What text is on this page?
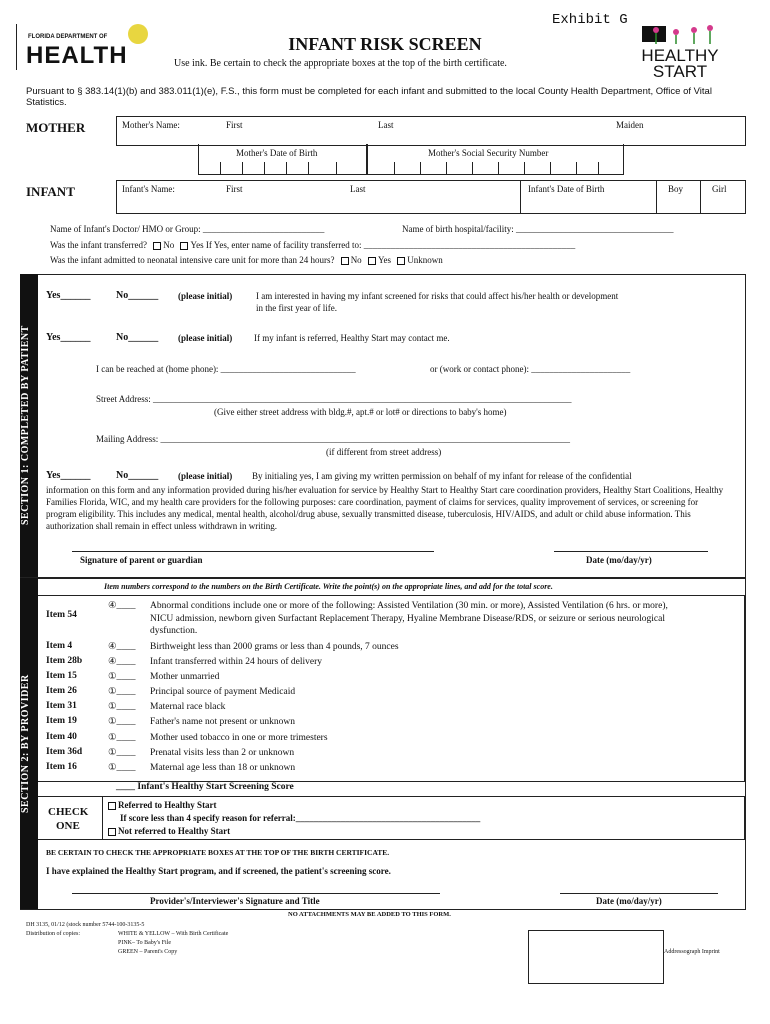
Exhibit G
FLORIDA DEPARTMENT OF
HEALTH	INFANT RISK SCREEN
Use ink. Be certain to check the appropriate boxes at the top of the birth certificate.	HEALTHY
START
Pursuant to § 383.14(1)(b) and 383.011(1)(e), F.S., this form must be completed for each infant and submitted to the local County Health Department, Office of Vital Statistics.
MOTHER	Mother's Name:	First	Last	Maiden
Mother's Date of Birth	Mother's Social Security Number
INFANT	Infant's Name:	First	Last	Infant's Date of Birth	Boy	Girl
Name of Infant's Doctor/ HMO or Group: ___________________________	Name of birth hospital/facility: ___________________________________
Was the infant transferred? No Yes If Yes, enter name of facility transferred to: _______________________________________________
Was the infant admitted to neonatal intensive care unit for more than 24 hours? No Yes Unknown
SECTION 1: COMPLETED BY PATIENT
Yes______	No______ (please initial)	I am interested in having my infant screened for risks that could affect his/her health or development
in the first year of life.
Yes______	No______ (please initial) If my infant is referred, Healthy Start may contact me.
I can be reached at (home phone): ______________________________	or (work or contact phone): ______________________
Street Address: _____________________________________________________________________________________________
(Give either street address with bldg.#, apt.# or lot# or directions to baby's home)
Mailing Address: ___________________________________________________________________________________________
(if different from street address)
Yes______	No______ (please initial) By initialing yes, I am giving my written permission on behalf of my infant for release of the confidential
information on this form and any information provided during his/her evaluation for service by Healthy Start to Healthy Start care coordination providers, Healthy Start Coalitions, Healthy Families Florida, WIC, and my health care providers for the following purposes: care coordination, payment of claims for services, quality improvement of services, or screening for program eligibility. This includes any medical, mental health, alcohol/drug abuse, sexually transmitted disease, tuberculosis, HIV/AIDS, and adult or child abuse information. This authorization shall remain in effect unless withdrawn in writing.
Signature of parent or guardian	Date (mo/day/yr)
SECTION 2: BY PROVIDER
Item numbers correspond to the numbers on the Birth Certificate. Write the point(s) on the appropriate lines, and add for the total score.
Item 54
④____ Abnormal conditions include one or more of the following: Assisted Ventilation (30 min. or more), Assisted Ventilation (6 hrs. or more), NICU admission, newborn given Surfactant Replacement Therapy, Hyaline Membrane Disease/RDS, or seizure or serious neurological dysfunction.
Item 4	④____ Birthweight less than 2000 grams or less than 4 pounds, 7 ounces
Item 28b	④____ Infant transferred within 24 hours of delivery
Item 15	①____ Mother unmarried
Item 26	①____ Principal source of payment Medicaid
Item 31	①____ Maternal race black
Item 19	①____ Father's name not present or unknown
Item 40	①____ Mother used tobacco in one or more trimesters
Item 36d	①____ Prenatal visits less than 2 or unknown
Item 16	①____ Maternal age less than 18 or unknown
____ Infant's Healthy Start Screening Score
CHECK
ONE
Referred to Healthy Start
If score less than 4 specify reason for referral:_________________________________________
Not referred to Healthy Start
BE CERTAIN TO CHECK THE APPROPRIATE BOXES AT THE TOP OF THE BIRTH CERTIFICATE.
I have explained the Healthy Start program, and if screened, the patient's screening score.
Provider's/Interviewer's Signature and Title	Date (mo/day/yr)
NO ATTACHMENTS MAY BE ADDED TO THIS FORM.
DH 3135, 01/12 (stock number 5744-100-3135-5
Distribution of copies:	WHITE & YELLOW – With Birth Certificate
PINK– To Baby's File
GREEN – Parent's Copy	Addressograph Imprint
